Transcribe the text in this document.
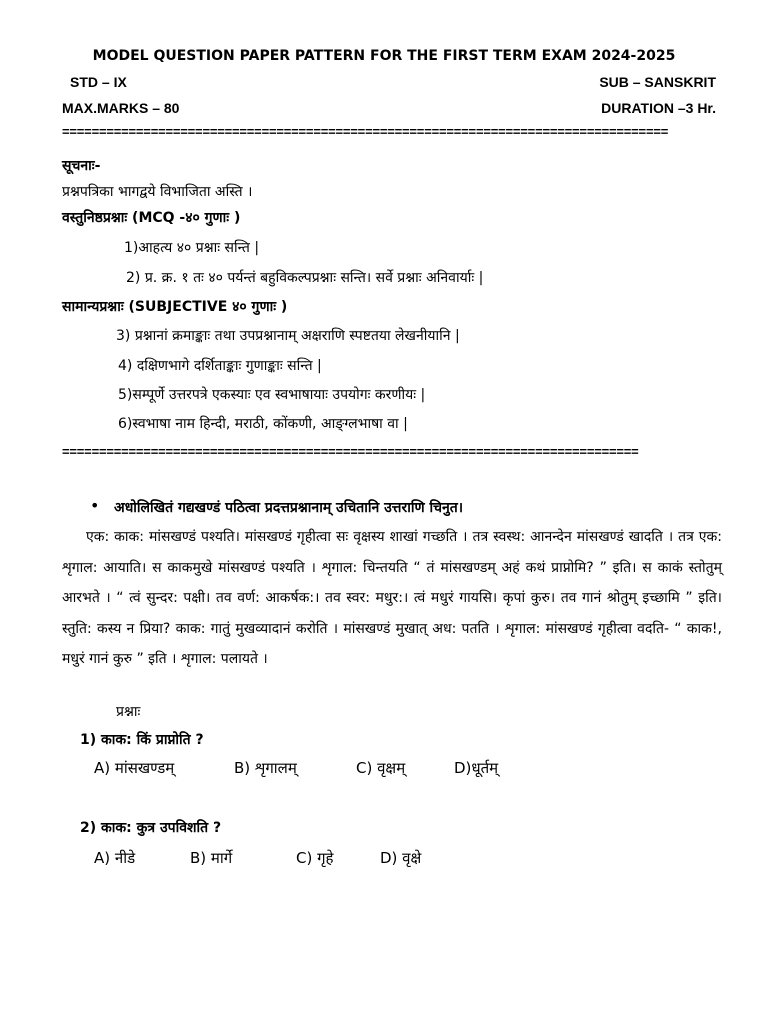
MODEL QUESTION PAPER PATTERN FOR THE FIRST TERM EXAM 2024-2025
STD – IX	SUB – SANSKRIT
MAX.MARKS – 80	DURATION –3 Hr.
==================================================================================
सूचनाः-
प्रश्नपत्रिका भागद्वये विभाजिता अस्ति ।
वस्तुनिष्ठप्रश्नाः (MCQ -४० गुणाः )
1)आहत्य ४० प्रश्नाः सन्ति |
2) प्र. क्र. १ तः ४० पर्यन्तं बहुविकल्पप्रश्नाः सन्ति। सर्वे प्रश्नाः अनिवार्याः |
सामान्यप्रश्नाः (SUBJECTIVE ४० गुणाः )
3) प्रश्नानां क्रमाङ्काः तथा उपप्रश्नानाम् अक्षराणि स्पष्टतया लेखनीयानि |
4) दक्षिणभागे दर्शिताङ्काः गुणाङ्काः सन्ति |
5)सम्पूर्णे उत्तरपत्रे एकस्याः एव स्वभाषायाः उपयोगः करणीयः |
6)स्वभाषा नाम हिन्दी, मराठी, कोंकणी, आङ्ग्लभाषा वा |
==============================================================================
• अधोलिखितं गद्यखण्डं पठित्वा प्रदत्तप्रश्नानाम् उचितानि उत्तराणि चिनुत।
एक: काक: मांसखण्डं पश्यति। मांसखण्डं गृहीत्वा सः वृक्षस्य शाखां गच्छति । तत्र स्वस्थ: आनन्देन मांसखण्डं खादति । तत्र एक: शृगाल: आयाति। स काकमुखे मांसखण्डं पश्यति । शृगाल: चिन्तयति “ तं मांसखण्डम् अहं कथं प्राप्नोमि? ” इति। स काकं स्तोतुम् आरभते । “ त्वं सुन्दर: पक्षी। तव वर्ण: आकर्षक:। तव स्वर: मधुर:। त्वं मधुरं गायसि। कृपां कुरु। तव गानं श्रोतुम् इच्छामि ” इति। स्तुति: कस्य न प्रिया? काक: गातुं मुखव्यादानं करोति । मांसखण्डं मुखात् अध: पतति । शृगाल: मांसखण्डं गृहीत्वा वदति- “ काक!, मधुरं गानं कुरु ” इति । शृगाल: पलायते ।
प्रश्नाः
1) काक: किं प्राप्नोति ?
A) मांसखण्डम्	B) शृगालम्	C) वृक्षम्	D)धूर्तम्
2) काक: कुत्र उपविशति ?
A) नीडे	B) मार्गे	C) गृहे	D) वृक्षे
